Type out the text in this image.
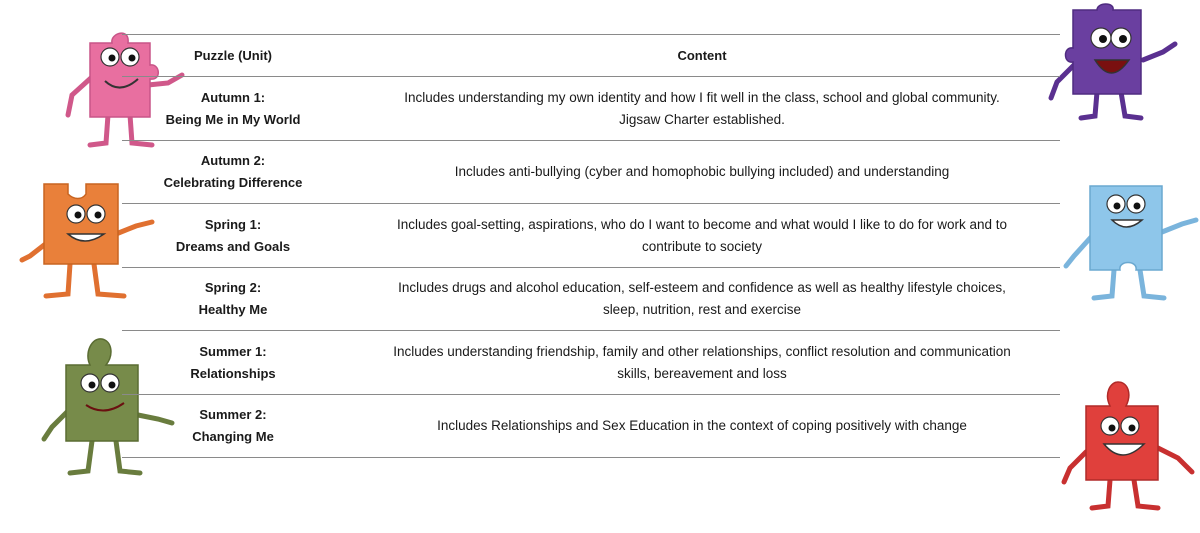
Puzzle (Unit)	Content
Autumn 1:
Being Me in My World
Includes understanding my own identity and how I fit well in the class, school and global community.
Jigsaw Charter established.
Autumn 2:
Celebrating Difference
Includes anti-bullying (cyber and homophobic bullying included) and understanding
Spring 1:
Dreams and Goals
Includes goal-setting, aspirations, who do I want to become and what would I like to do for work and to
contribute to society
Spring 2:
Healthy Me
Includes drugs and alcohol education, self-esteem and confidence as well as healthy lifestyle choices,
sleep, nutrition, rest and exercise
Summer 1:
Relationships
Includes understanding friendship, family and other relationships, conflict resolution and communication
skills, bereavement and loss
Summer 2:
Changing Me
Includes Relationships and Sex Education in the context of coping positively with change
